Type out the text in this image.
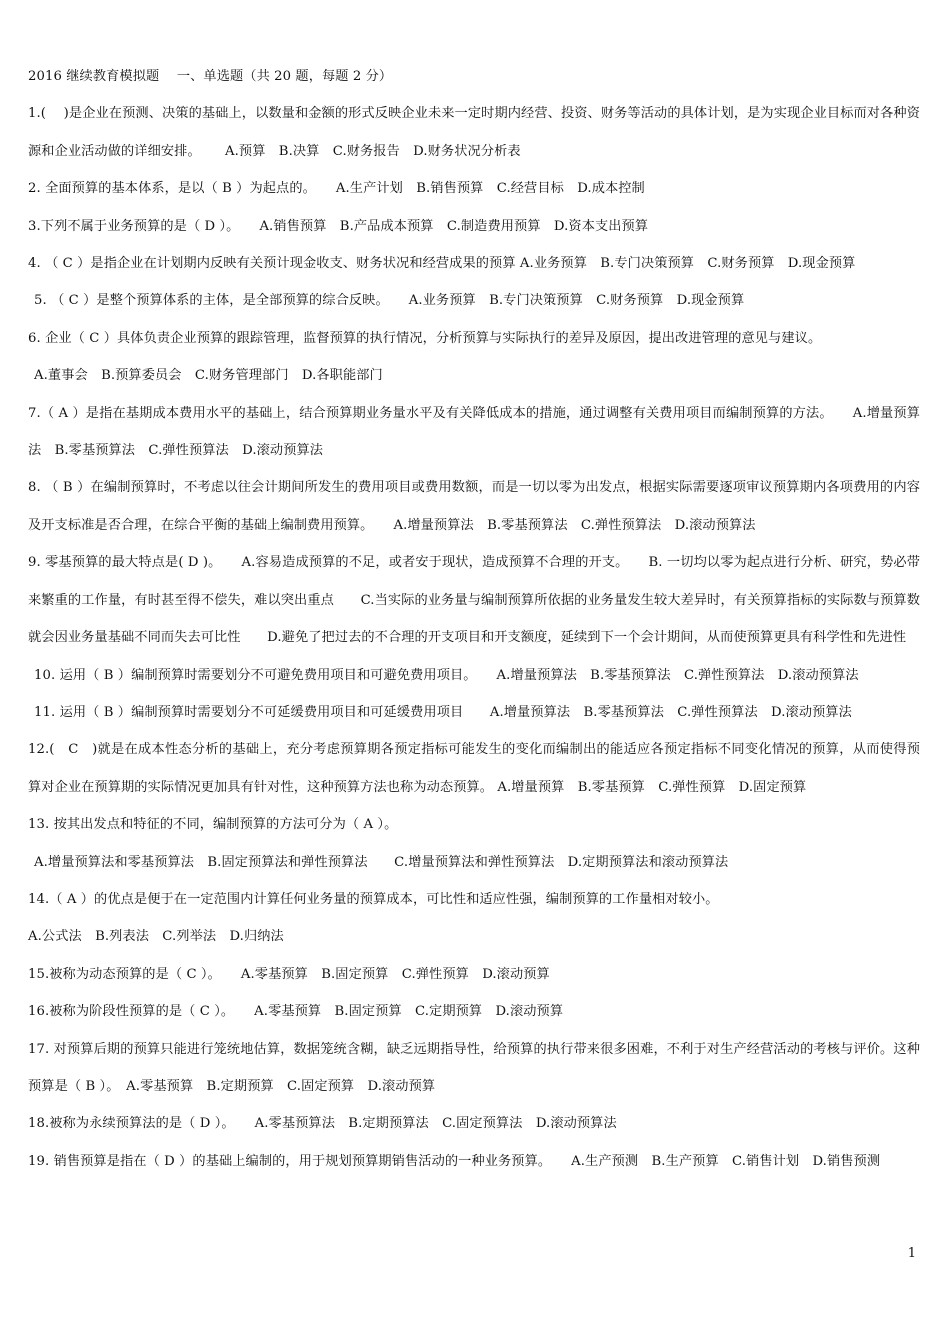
2016 继续教育模拟题　 一、单选题（共 20 题，每题 2 分）

1.(　 )是企业在预测、决策的基础上，以数量和金额的形式反映企业未来一定时期内经营、投资、财务等活动的具体计划，是为实现企业目标而对各种资源和企业活动做的详细安排。　　 A.预算　B.决算　C.财务报告　D.财务状况分析表

2. 全面预算的基本体系，是以（ B ）为起点的。　　A.生产计划　B.销售预算　C.经营目标　D.成本控制

3.下列不属于业务预算的是（ D ）。　　A.销售预算　B.产品成本预算　C.制造费用预算　D.资本支出预算

4. （ C ）是指企业在计划期内反映有关预计现金收支、财务状况和经营成果的预算 A.业务预算　B.专门决策预算　C.财务预算　D.现金预算

5. （ C ）是整个预算体系的主体，是全部预算的综合反映。　　A.业务预算　B.专门决策预算　C.财务预算　D.现金预算

6. 企业（ C ）具体负责企业预算的跟踪管理，监督预算的执行情况，分析预算与实际执行的差异及原因，提出改进管理的意见与建议。

A.董事会　B.预算委员会　C.财务管理部门　D.各职能部门

7.（ A ）是指在基期成本费用水平的基础上，结合预算期业务量水平及有关降低成本的措施，通过调整有关费用项目而编制预算的方法。　　A.增量预算法　B.零基预算法　C.弹性预算法　D.滚动预算法

8. （ B ）在编制预算时，不考虑以往会计期间所发生的费用项目或费用数额，而是一切以零为出发点，根据实际需要逐项审议预算期内各项费用的内容及开支标准是否合理，在综合平衡的基础上编制费用预算。　　A.增量预算法　B.零基预算法　C.弹性预算法　D.滚动预算法

9. 零基预算的最大特点是( D )。　　A.容易造成预算的不足，或者安于现状，造成预算不合理的开支。　　B. 一切均以零为起点进行分析、研究，势必带来繁重的工作量，有时甚至得不偿失，难以突出重点　　C.当实际的业务量与编制预算所依据的业务量发生较大差异时，有关预算指标的实际数与预算数就会因业务量基础不同而失去可比性　　D.避免了把过去的不合理的开支项目和开支额度，延续到下一个会计期间，从而使预算更具有科学性和先进性

10. 运用（ B ）编制预算时需要划分不可避免费用项目和可避免费用项目。　　A.增量预算法　B.零基预算法　C.弹性预算法　D.滚动预算法

11. 运用（ B ）编制预算时需要划分不可延缓费用项目和可延缓费用项目　　A.增量预算法　B.零基预算法　C.弹性预算法　D.滚动预算法

12.(　C　)就是在成本性态分析的基础上，充分考虑预算期各预定指标可能发生的变化而编制出的能适应各预定指标不同变化情况的预算，从而使得预算对企业在预算期的实际情况更加具有针对性，这种预算方法也称为动态预算。 A.增量预算　B.零基预算　C.弹性预算　D.固定预算

13. 按其出发点和特征的不同，编制预算的方法可分为（ A ）。

A.增量预算法和零基预算法　B.固定预算法和弹性预算法　　C.增量预算法和弹性预算法　D.定期预算法和滚动预算法

14.（ A ）的优点是便于在一定范围内计算任何业务量的预算成本，可比性和适应性强，编制预算的工作量相对较小。

A.公式法　B.列表法　C.列举法　D.归纳法

15.被称为动态预算的是（ C ）。　　A.零基预算　B.固定预算　C.弹性预算　D.滚动预算

16.被称为阶段性预算的是（ C ）。　　A.零基预算　B.固定预算　C.定期预算　D.滚动预算

17. 对预算后期的预算只能进行笼统地估算，数据笼统含糊，缺乏远期指导性，给预算的执行带来很多困难，不利于对生产经营活动的考核与评价。这种预算是（ B ）。　A.零基预算　B.定期预算　C.固定预算　D.滚动预算

18.被称为永续预算法的是（ D ）。　　A.零基预算法　B.定期预算法　C.固定预算法　D.滚动预算法

19. 销售预算是指在（ D ）的基础上编制的，用于规划预算期销售活动的一种业务预算。　　A.生产预测　B.生产预算　C.销售计划　D.销售预测

1
